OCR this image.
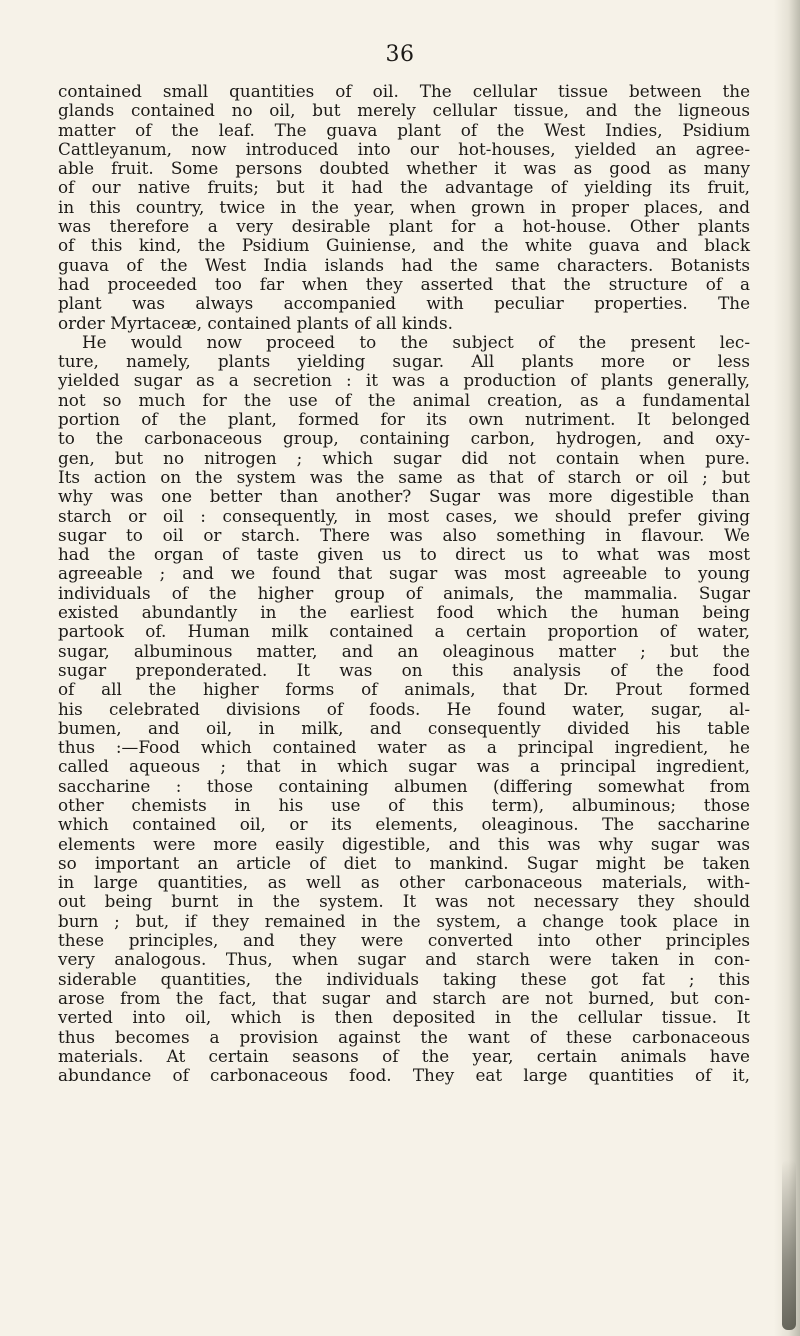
36
contained small quantities of oil. The cellular tissue between the
glands contained no oil, but merely cellular tissue, and the ligneous
matter of the leaf. The guava plant of the West Indies, Psidium
Cattleyanum, now introduced into our hot-houses, yielded an agree-
able fruit. Some persons doubted whether it was as good as many
of our native fruits; but it had the advantage of yielding its fruit,
in this country, twice in the year, when grown in proper places, and
was therefore a very desirable plant for a hot-house. Other plants
of this kind, the Psidium Guiniense, and the white guava and black
guava of the West India islands had the same characters. Botanists
had proceeded too far when they asserted that the structure of a
plant was always accompanied with peculiar properties. The
order Myrtaceæ, contained plants of all kinds.
He would now proceed to the subject of the present lec-
ture, namely, plants yielding sugar. All plants more or less
yielded sugar as a secretion : it was a production of plants generally,
not so much for the use of the animal creation, as a fundamental
portion of the plant, formed for its own nutriment. It belonged
to the carbonaceous group, containing carbon, hydrogen, and oxy-
gen, but no nitrogen ; which sugar did not contain when pure.
Its action on the system was the same as that of starch or oil ; but
why was one better than another? Sugar was more digestible than
starch or oil : consequently, in most cases, we should prefer giving
sugar to oil or starch. There was also something in flavour. We
had the organ of taste given us to direct us to what was most
agreeable ; and we found that sugar was most agreeable to young
individuals of the higher group of animals, the mammalia. Sugar
existed abundantly in the earliest food which the human being
partook of. Human milk contained a certain proportion of water,
sugar, albuminous matter, and an oleaginous matter ; but the
sugar preponderated. It was on this analysis of the food
of all the higher forms of animals, that Dr. Prout formed
his celebrated divisions of foods. He found water, sugar, al-
bumen, and oil, in milk, and consequently divided his table
thus :—Food which contained water as a principal ingredient, he
called aqueous ; that in which sugar was a principal ingredient,
saccharine : those containing albumen (differing somewhat from
other chemists in his use of this term), albuminous; those
which contained oil, or its elements, oleaginous. The saccharine
elements were more easily digestible, and this was why sugar was
so important an article of diet to mankind. Sugar might be taken
in large quantities, as well as other carbonaceous materials, with-
out being burnt in the system. It was not necessary they should
burn ; but, if they remained in the system, a change took place in
these principles, and they were converted into other principles
very analogous. Thus, when sugar and starch were taken in con-
siderable quantities, the individuals taking these got fat ; this
arose from the fact, that sugar and starch are not burned, but con-
verted into oil, which is then deposited in the cellular tissue. It
thus becomes a provision against the want of these carbonaceous
materials. At certain seasons of the year, certain animals have
abundance of carbonaceous food. They eat large quantities of it,
